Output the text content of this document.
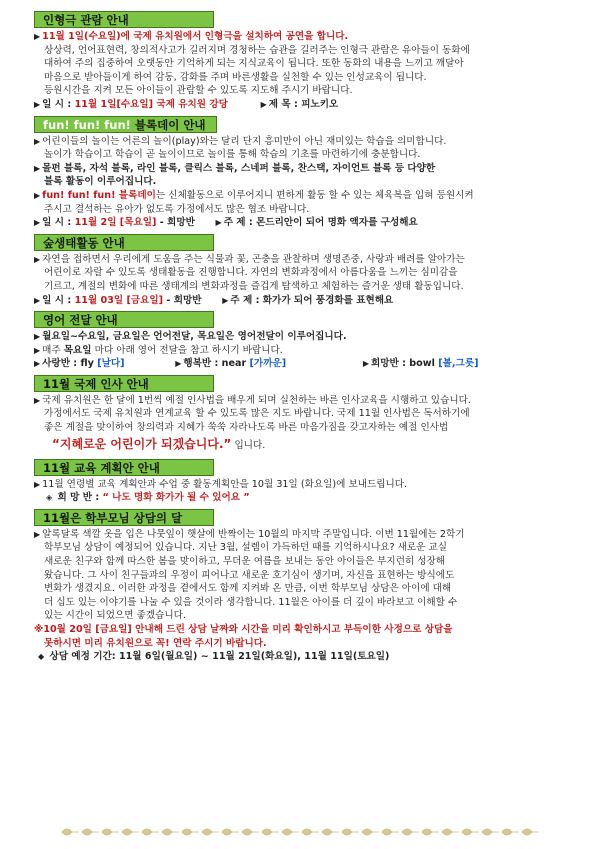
인형극 관람 안내
▶ 11월 1일(수요일)에 국제 유치원에서 인형극을 설치하여 공연을 합니다.
상상력, 언어표현력, 창의적사고가 길러지며 경청하는 습관을 길러주는 인형극 관람은 유아들이 동화에
대하여 주의 집중하여 오랫동안 기억하게 되는 지식교육이 됩니다. 또한 동화의 내용을 느끼고 깨달아
마음으로 받아들이게 하여 감동, 감화를 주며 바른생활을 실천할 수 있는 인성교육이 됩니다.
등원시간을 지켜 모든 아이들이 관람할 수 있도록 지도해 주시기 바랍니다.
▶ 일 시 : 11월 1일[수요일] 국제 유치원 강당	▶ 제 목 : 피노키오
fun! fun! fun! 블록데이 안내
▶ 어린이들의 놀이는 어른의 놀이(play)와는 달리 단지 흥미만이 아닌 재미있는 학습을 의미합니다.
놀이가 학습이고 학습이 곧 놀이이므로 놀이를 통해 학습의 기초를 마련하기에 충분합니다.
▶ 몰펀 블록, 자석 블록, 라인 블록, 클릭스 블록, 스네퍼 블록, 찬스택, 자이언트 블록 등 다양한
블록 활동이 이루어집니다.
▶ fun! fun! fun! 블록데이는 신체활동으로 이루어지니 편하게 활동 할 수 있는 체육복을 입혀 등원시켜
주시고 결석하는 유아가 없도록 가정에서도 많은 협조 바랍니다.
▶ 일 시 : 11월 2일 [목요일] - 희망반	▶ 주 제 : 몬드리안이 되어 명화 액자를 구성해요
숲생태활동 안내
▶ 자연을 접하면서 우리에게 도움을 주는 식물과 꽃, 곤충을 관찰하며 생명존중, 사랑과 배려를 알아가는
어린이로 자랄 수 있도록 생태활동을 진행합니다. 자연의 변화과정에서 아름다움을 느끼는 심미감을
기르고, 계절의 변화에 따른 생태계의 변화과정을 즐겁게 탐색하고 체험하는 즐거운 생태 활동입니다.
▶ 일 시 : 11월 03일 [금요일] - 희망반	▶ 주 제 : 화가가 되어 풍경화를 표현해요
영어 전달 안내
▶ 월요일~수요일, 금요일은 언어전달, 목요일은 영어전달이 이루어집니다.
▶ 매주 목요일 마다 아래 영어 전달을 참고 하시기 바랍니다.
▶ 사랑반 : fly [날다]	▶ 행복반 : near [가까운]	▶ 희망반 : bowl [볼,그릇]
11월 국제 인사 안내
▶ 국제 유치원은 한 달에 1번씩 예절 인사법을 배우게 되며 실천하는 바른 인사교육을 시행하고 있습니다.
가정에서도 국제 유치원과 연계교육 할 수 있도록 많은 지도 바랍니다. 국제 11월 인사법은 독서하기에
좋은 계절을 맞이하여 창의력과 지혜가 쑥쑥 자라나도록 바른 마음가짐을 갖고자하는 예절 인사법
“지혜로운 어린이가 되겠습니다.” 입니다.
11월 교육 계획안 안내
▶ 11월 연령별 교육 계획안과 수업 중 활동계획안을 10월 31일 (화요일)에 보내드립니다.
◈ 희 망 반 : “ 나도 명화 화가가 될 수 있어요 ”
11월은 학부모님 상담의 달
▶ 알록달록 색깔 옷을 입은 나뭇잎이 햇살에 반짝이는 10월의 마지막 주말입니다. 이번 11월에는 2학기
학부모님 상담이 예정되어 있습니다. 지난 3월, 설렘이 가득하던 때를 기억하시나요? 새로운 교실
새로운 친구와 함께 따스한 봄을 맞이하고, 무더운 여름을 보내는 동안 아이들은 부지런히 성장해
왔습니다. 그 사이 친구들과의 우정이 피어나고 새로운 호기심이 생기며, 자신을 표현하는 방식에도
변화가 생겼지요. 이러한 과정을 곁에서도 함께 지켜봐 온 만큼, 이번 학부모님 상담은 아이에 대해
더 십도 있는 이야기를 나눌 수 있을 것이라 생각합니다. 11월은 아이를 더 깊이 바라보고 이해할 수
있는 시간이 되었으면 좋겠습니다.
※10월 20일 [금요일] 안내해 드린 상담 날짜와 시간을 미리 확인하시고 부득이한 사정으로 상담을
못하시면 미리 유치원으로 꼭! 연락 주시기 바랍니다.
◆ 상담 예정 기간: 11월 6일(월요일) ~ 11월 21일(화요일), 11월 11일(토요일)
